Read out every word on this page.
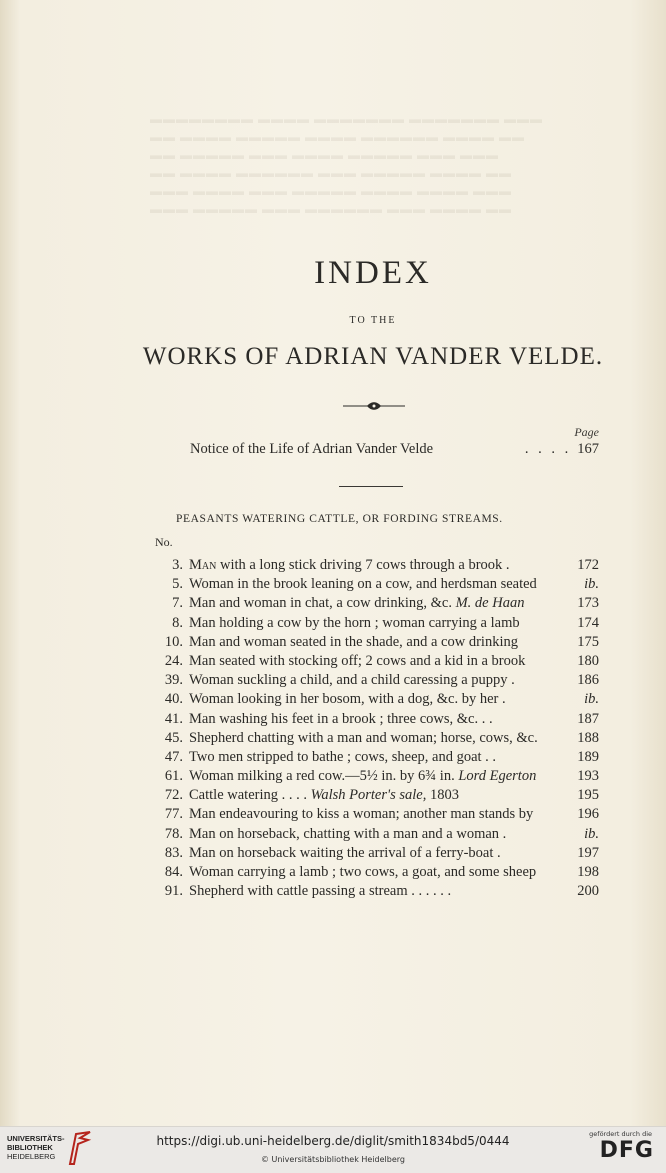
▬▬▬▬▬▬▬▬ ▬▬▬▬ ▬▬▬▬▬▬▬ ▬▬▬▬▬▬▬ ▬▬▬
▬▬ ▬▬▬▬ ▬▬▬▬▬ ▬▬▬▬ ▬▬▬▬▬▬ ▬▬▬▬ ▬▬
▬▬ ▬▬▬▬▬ ▬▬▬ ▬▬▬▬ ▬▬▬▬▬ ▬▬▬ ▬▬▬
▬▬ ▬▬▬▬ ▬▬▬▬▬▬ ▬▬▬ ▬▬▬▬▬ ▬▬▬▬ ▬▬
▬▬▬ ▬▬▬▬ ▬▬▬ ▬▬▬▬▬ ▬▬▬▬ ▬▬▬▬ ▬▬▬
▬▬▬ ▬▬▬▬▬ ▬▬▬ ▬▬▬▬▬▬ ▬▬▬ ▬▬▬▬ ▬▬
INDEX
TO THE
WORKS OF ADRIAN VANDER VELDE.
Page
Notice of the Life of Adrian Vander Velde	. . . . 167
PEASANTS WATERING CATTLE, OR FORDING STREAMS.
No.
3. Man with a long stick driving 7 cows through a brook .	172
5. Woman in the brook leaning on a cow, and herdsman seated	ib.
7. Man and woman in chat, a cow drinking, &c. M. de Haan	173
8. Man holding a cow by the horn ; woman carrying a lamb	174
10. Man and woman seated in the shade, and a cow drinking	175
24. Man seated with stocking off; 2 cows and a kid in a brook	180
39. Woman suckling a child, and a child caressing a puppy .	186
40. Woman looking in her bosom, with a dog, &c. by her .	ib.
41. Man washing his feet in a brook ; three cows, &c. . .	187
45. Shepherd chatting with a man and woman; horse, cows, &c.	188
47. Two men stripped to bathe ; cows, sheep, and goat . .	189
61. Woman milking a red cow.—5½ in. by 6¾ in. Lord Egerton	193
72. Cattle watering . . . . Walsh Porter's sale, 1803	195
77. Man endeavouring to kiss a woman; another man stands by	196
78. Man on horseback, chatting with a man and a woman .	ib.
83. Man on horseback waiting the arrival of a ferry-boat .	197
84. Woman carrying a lamb ; two cows, a goat, and some sheep	198
91. Shepherd with cattle passing a stream . . . . . .	200
UNIVERSITÄTS-
BIBLIOTHEK
HEIDELBERG
https://digi.ub.uni-heidelberg.de/diglit/smith1834bd5/0444
© Universitätsbibliothek Heidelberg
gefördert durch die
DFG
